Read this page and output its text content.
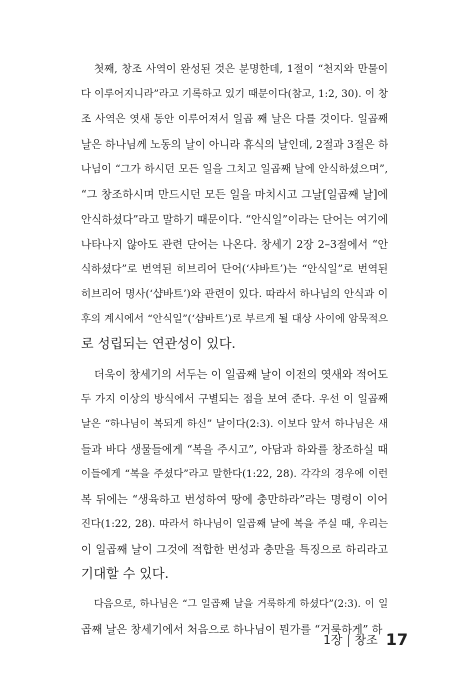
첫째, 창조 사역이 완성된 것은 분명한데, 1절이 “천지와 만물이
다 이루어지니라”라고 기록하고 있기 때문이다(참고, 1:2, 30). 이 창
조 사역은 엿새 동안 이루어져서 일곱 째 날은 다를 것이다. 일곱째
날은 하나님께 노동의 날이 아니라 휴식의 날인데, 2절과 3절은 하
나님이 “그가 하시던 모든 일을 그치고 일곱째 날에 안식하셨으며”,
“그 창조하시며 만드시던 모든 일을 마치시고 그날[일곱째 날]에
안식하셨다”라고 말하기 때문이다. “안식일”이라는 단어는 여기에
나타나지 않아도 관련 단어는 나온다. 창세기 2장 2–3절에서 “안
식하셨다”로 번역된 히브리어 단어(‘샤바트’)는 “안식일”로 번역된
히브리어 명사(‘샵바트’)와 관련이 있다. 따라서 하나님의 안식과 이
후의 계시에서 “안식일”(‘샵바트’)로 부르게 될 대상 사이에 암묵적으
로 성립되는 연관성이 있다.
더욱이 창세기의 서두는 이 일곱째 날이 이전의 엿새와 적어도
두 가지 이상의 방식에서 구별되는 점을 보여 준다. 우선 이 일곱째
날은 “하나님이 복되게 하신” 날이다(2:3). 이보다 앞서 하나님은 새
들과 바다 생물들에게 “복을 주시고”, 아담과 하와를 창조하실 때
이들에게 “복을 주셨다”라고 말한다(1:22, 28). 각각의 경우에 이런
복 뒤에는 “생육하고 번성하여 땅에 충만하라”라는 명령이 이어
진다(1:22, 28). 따라서 하나님이 일곱째 날에 복을 주실 때, 우리는
이 일곱째 날이 그것에 적합한 번성과 충만을 특징으로 하리라고
기대할 수 있다.
다음으로, 하나님은 “그 일곱째 날을 거룩하게 하셨다”(2:3). 이 일
곱째 날은 창세기에서 처음으로 하나님이 뭔가를 “거룩하게” 하
1장 | 창조 17
